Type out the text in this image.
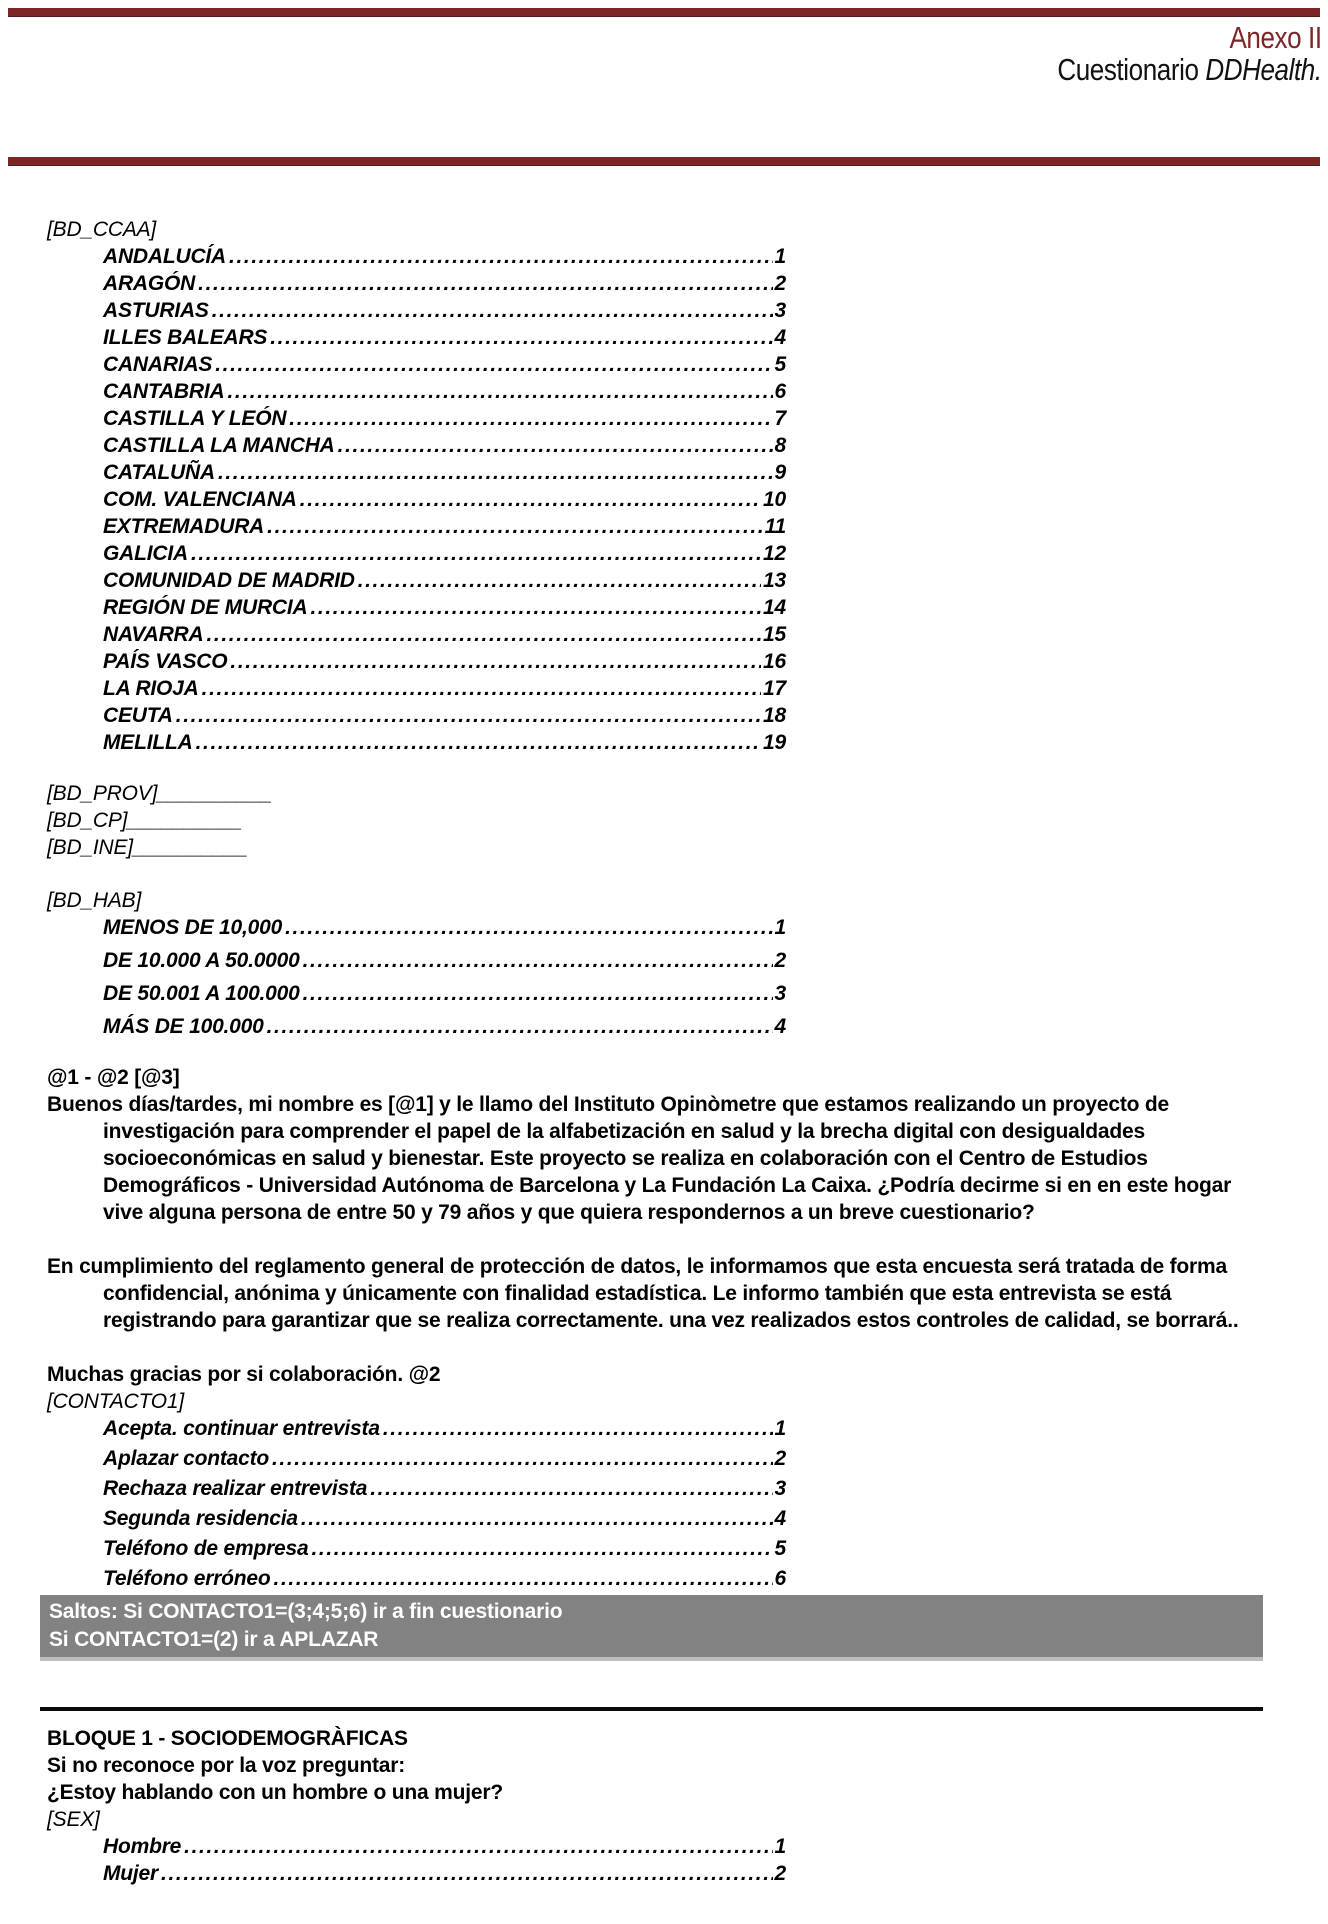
Anexo II
Cuestionario DDHealth.
[BD_CCAA]
ANDALUCÍA .....	1
ARAGÓN .....	2
ASTURIAS .....	3
ILLES BALEARS .....	4
CANARIAS .....	5
CANTABRIA .....	6
CASTILLA Y LEÓN .....	7
CASTILLA LA MANCHA .....	8
CATALUÑA .....	9
COM. VALENCIANA .....	10
EXTREMADURA .....	11
GALICIA .....	12
COMUNIDAD DE MADRID .....	13
REGIÓN DE MURCIA .....	14
NAVARRA .....	15
PAÍS VASCO .....	16
LA RIOJA .....	17
CEUTA .....	18
MELILLA .....	19
[BD_PROV]__________
[BD_CP]__________
[BD_INE]__________
[BD_HAB]
MENOS DE 10,000 .....	1
DE 10.000 A 50.0000 .....	2
DE 50.001 A 100.000 .....	3
MÁS DE 100.000 .....	4
@1 - @2 [@3]

Buenos días/tardes, mi nombre es [@1] y le llamo del Instituto Opinòmetre que estamos realizando un proyecto de investigación para comprender el papel de la alfabetización en salud y la brecha digital con desigualdades socioeconómicas en salud y bienestar. Este proyecto se realiza en colaboración con el Centro de Estudios Demográficos - Universidad Autónoma de Barcelona y La Fundación La Caixa. ¿Podría decirme si en en este hogar vive alguna persona de entre 50 y 79 años y que quiera respondernos a un breve cuestionario?

En cumplimiento del reglamento general de protección de datos, le informamos que esta encuesta será tratada de forma confidencial, anónima y únicamente con finalidad estadística. Le informo también que esta entrevista se está registrando para garantizar que se realiza correctamente. una vez realizados estos controles de calidad, se borrará..

Muchas gracias por si colaboración. @2
[CONTACTO1]
Acepta. continuar entrevista .....	1
Aplazar contacto .....	2
Rechaza realizar entrevista .....	3
Segunda residencia .....	4
Teléfono de empresa .....	5
Teléfono erróneo .....	6
Saltos: Si CONTACTO1=(3;4;5;6) ir a fin cuestionario
Si CONTACTO1=(2) ir a APLAZAR
BLOQUE 1 - SOCIODEMOGRÀFICAS
Si no reconoce por la voz preguntar:
¿Estoy hablando con un hombre o una mujer?
[SEX]
Hombre .....	1
Mujer .....	2
